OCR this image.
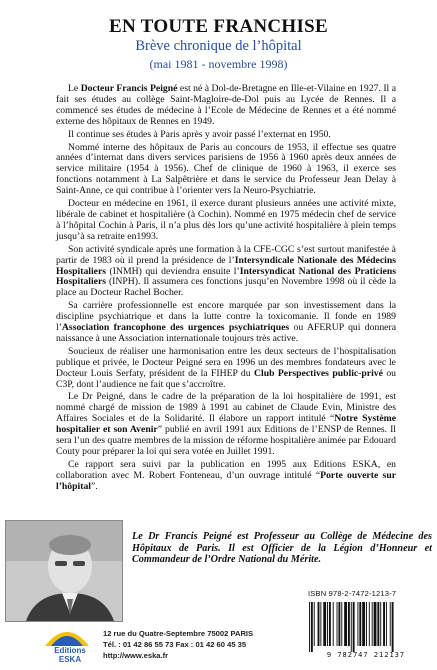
EN TOUTE FRANCHISE
Brève chronique de l’hôpital
(mai 1981 - novembre 1998)

Le Docteur Francis Peigné est né à Dol-de-Bretagne en Ille-et-Vilaine en 1927. Il a fait ses études au collège Saint-Magloire-de-Dol puis au Lycée de Rennes. Il a commencé ses études de médecine à l’Ecole de Médecine de Rennes et a été nommé externe des hôpitaux de Rennes en 1949.

Il continue ses études à Paris après y avoir passé l’externat en 1950.

Nommé interne des hôpitaux de Paris au concours de 1953, il effectue ses quatre années d’internat dans divers services parisiens de 1956 à 1960 après deux années de service militaire (1954 à 1956). Chef de clinique de 1960 à 1963, il exerce ses fonctions notamment à La Salpêtrière et dans le service du Professeur Jean Delay à Saint-Anne, ce qui contribue à l’orienter vers la Neuro-Psychiatrie.

Docteur en médecine en 1961, il exerce durant plusieurs années une activité mixte, libérale de cabinet et hospitalière (à Cochin). Nommé en 1975 médecin chef de service à l’hôpital Cochin à Paris, il n’a plus dès lors qu’une activité hospitalière à plein temps jusqu’à sa retraite en1993.

Son activité syndicale après une formation à la CFE-CGC s’est surtout manifestée à partir de 1983 où il prend la présidence de l’Intersyndicale Nationale des Médecins Hospitaliers (INMH) qui deviendra ensuite l’Intersyndicat National des Praticiens Hospitaliers (INPH). Il assumera ces fonctions jusqu’en Novembre 1998 où il cède la place au Docteur Rachel Bocher.

Sa carrière professionnelle est encore marquée par son investissement dans la discipline psychiatrique et dans la lutte contre la toxicomanie. Il fonde en 1989 l’Association francophone des urgences psychiatriques ou AFERUP qui donnera naissance à une Association internationale toujours très active.

Soucieux de réaliser une harmonisation entre les deux secteurs de l’hospitalisation publique et privée, le Docteur Peigné sera en 1996 un des membres fondateurs avec le Docteur Louis Serfaty, président de la FIHEP du Club Perspectives public-privé ou C3P, dont l’audience ne fait que s’accroître.

Le Dr Peigné, dans le cadre de la préparation de la loi hospitalière de 1991, est nommé chargé de mission de 1989 à 1991 au cabinet de Claude Evin, Ministre des Affaires Sociales et de la Solidarité. Il élabore un rapport intitulé “Notre Système hospitalier et son Avenir” publié en avril 1991 aux Editions de l’ENSP de Rennes. Il sera l’un des quatre membres de la mission de réforme hospitalière animée par Edouard Couty pour préparer la loi qui sera votée en Juillet 1991.

Ce rapport sera suivi par la publication en 1995 aux Editions ESKA, en collaboration avec M. Robert Fonteneau, d’un ouvrage intitulé “Porte ouverte sur l’hôpital”.

Le Dr Francis Peigné est Professeur au Collège de Médecine des Hôpitaux de Paris. Il est Officier de la Légion d’Honneur et Commandeur de l’Ordre National du Mérite.
ISBN 978-2-7472-1213-7
9 782747 212137
Editions
ESKA
12 rue du Quatre-Septembre 75002 PARIS
Tél. : 01 42 86 55 73 Fax : 01 42 60 45 35
http://www.eska.fr
